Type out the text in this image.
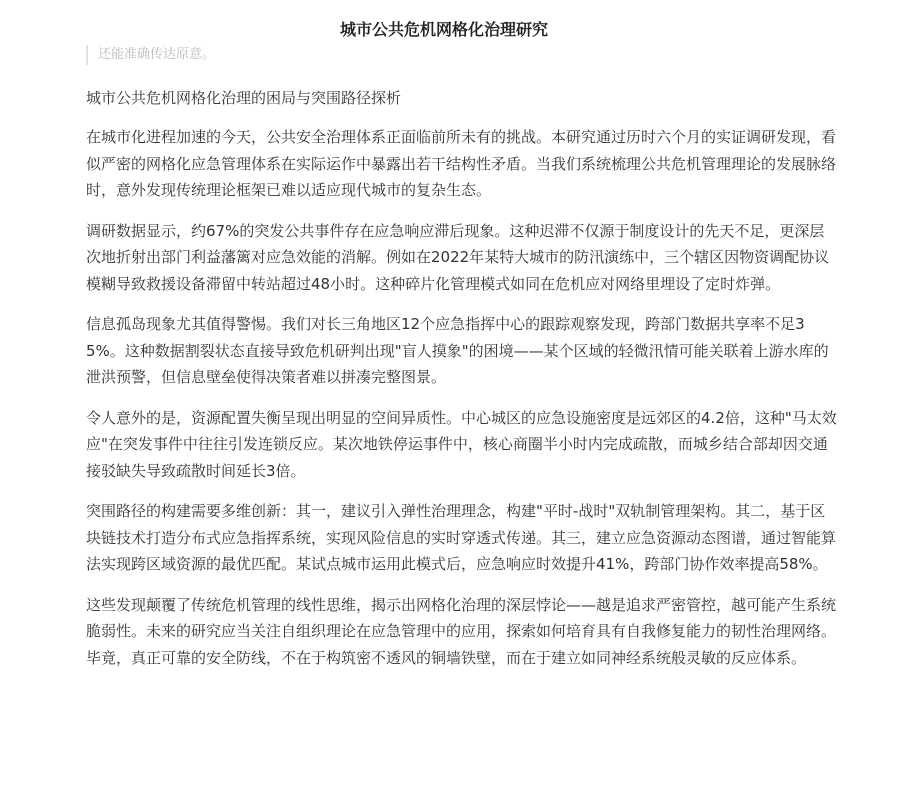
城市公共危机网格化治理研究

还能准确传达原意。

城市公共危机网格化治理的困局与突围路径探析

在城市化进程加速的今天，公共安全治理体系正面临前所未有的挑战。本研究通过历时六个月的实证调研发现，看似严密的网格化应急管理体系在实际运作中暴露出若干结构性矛盾。当我们系统梳理公共危机管理理论的发展脉络时，意外发现传统理论框架已难以适应现代城市的复杂生态。

调研数据显示，约67%的突发公共事件存在应急响应滞后现象。这种迟滞不仅源于制度设计的先天不足，更深层次地折射出部门利益藩篱对应急效能的消解。例如在2022年某特大城市的防汛演练中，三个辖区因物资调配协议模糊导致救援设备滞留中转站超过48小时。这种碎片化管理模式如同在危机应对网络里埋设了定时炸弹。

信息孤岛现象尤其值得警惕。我们对长三角地区12个应急指挥中心的跟踪观察发现，跨部门数据共享率不足35%。这种数据割裂状态直接导致危机研判出现"盲人摸象"的困境——某个区域的轻微汛情可能关联着上游水库的泄洪预警，但信息壁垒使得决策者难以拼凑完整图景。

令人意外的是，资源配置失衡呈现出明显的空间异质性。中心城区的应急设施密度是远郊区的4.2倍，这种"马太效应"在突发事件中往往引发连锁反应。某次地铁停运事件中，核心商圈半小时内完成疏散，而城乡结合部却因交通接驳缺失导致疏散时间延长3倍。

突围路径的构建需要多维创新：其一，建议引入弹性治理理念，构建"平时-战时"双轨制管理架构。其二，基于区块链技术打造分布式应急指挥系统，实现风险信息的实时穿透式传递。其三，建立应急资源动态图谱，通过智能算法实现跨区域资源的最优匹配。某试点城市运用此模式后，应急响应时效提升41%，跨部门协作效率提高58%。

这些发现颠覆了传统危机管理的线性思维，揭示出网格化治理的深层悖论——越是追求严密管控，越可能产生系统脆弱性。未来的研究应当关注自组织理论在应急管理中的应用，探索如何培育具有自我修复能力的韧性治理网络。毕竟，真正可靠的安全防线，不在于构筑密不透风的铜墙铁壁，而在于建立如同神经系统般灵敏的反应体系。
